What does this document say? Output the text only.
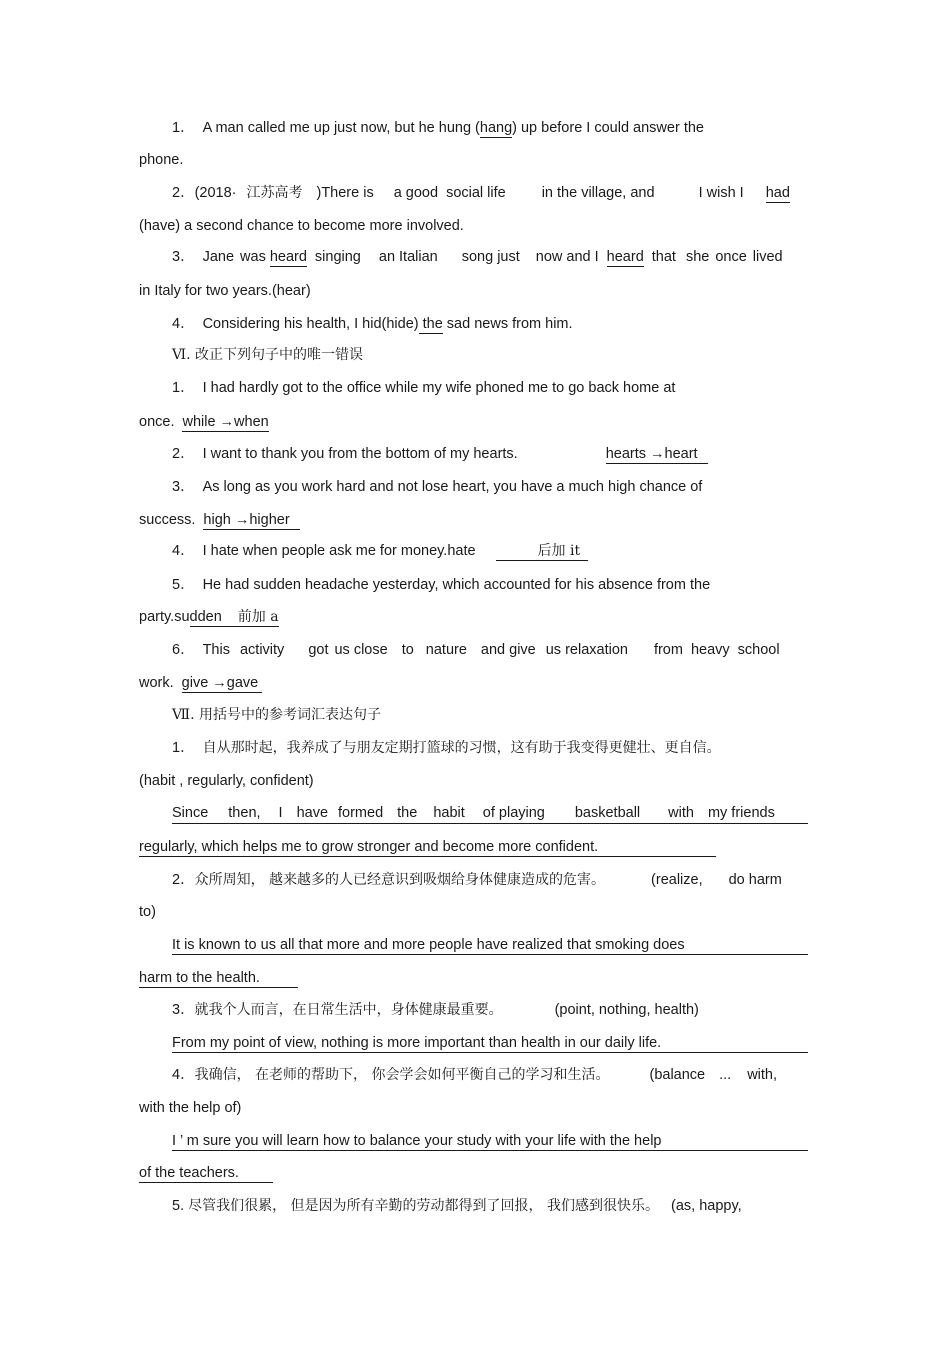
1． A man called me up just now, but he hung (hang) up before I could answer the
phone.
2．(2018· 江苏高考 )There is a good social life in the village, and	I wish I had
(have) a second chance to become more involved.
3． Jane was heard singing an Italian song just now and I heard that she once lived
in Italy for two years.(hear)
4． Considering his health, I hid(hide) the sad news from him.
Ⅵ. 改正下列句子中的唯一错误
1． I had hardly got to the office while my wife phoned me to go back home at
once. while →when
2． I want to thank you from the bottom of my hearts.	hearts →heart
3． As long as you work hard and not lose heart, you have a much high chance of
success. high →higher
4． I hate when people ask me for money.hate	后加 it
5． He had sudden headache yesterday, which accounted for his absence from the
party.sudden 前加 a
6． This activity got us close to nature and give us relaxation from heavy school
work. give →gave
Ⅶ. 用括号中的参考词汇表达句子
1． 自从那时起，我养成了与朋友定期打篮球的习惯，这有助于我变得更健壮、更自信。
(habit , regularly, confident)
Since then, I have formed the habit of playing basketball with my friends
regularly, which helps me to grow stronger and become more confident.
2．众所周知， 越来越多的人已经意识到吸烟给身体健康造成的危害。	(realize, do harm
to)
It is known to us all that more and more people have realized that smoking does
harm to the health.
3．就我个人而言，在日常生活中，身体健康最重要。	(point, nothing, health)
From my point of view, nothing is more important than health in our daily life.
4．我确信， 在老师的帮助下， 你会学会如何平衡自己的学习和生活。	(balance ... with,
with the help of)
I ’ m sure you will learn how to balance your study with your life with the help
of the teachers.
5. 尽管我们很累， 但是因为所有辛勤的劳动都得到了回报， 我们感到很快乐。 (as, happy,
